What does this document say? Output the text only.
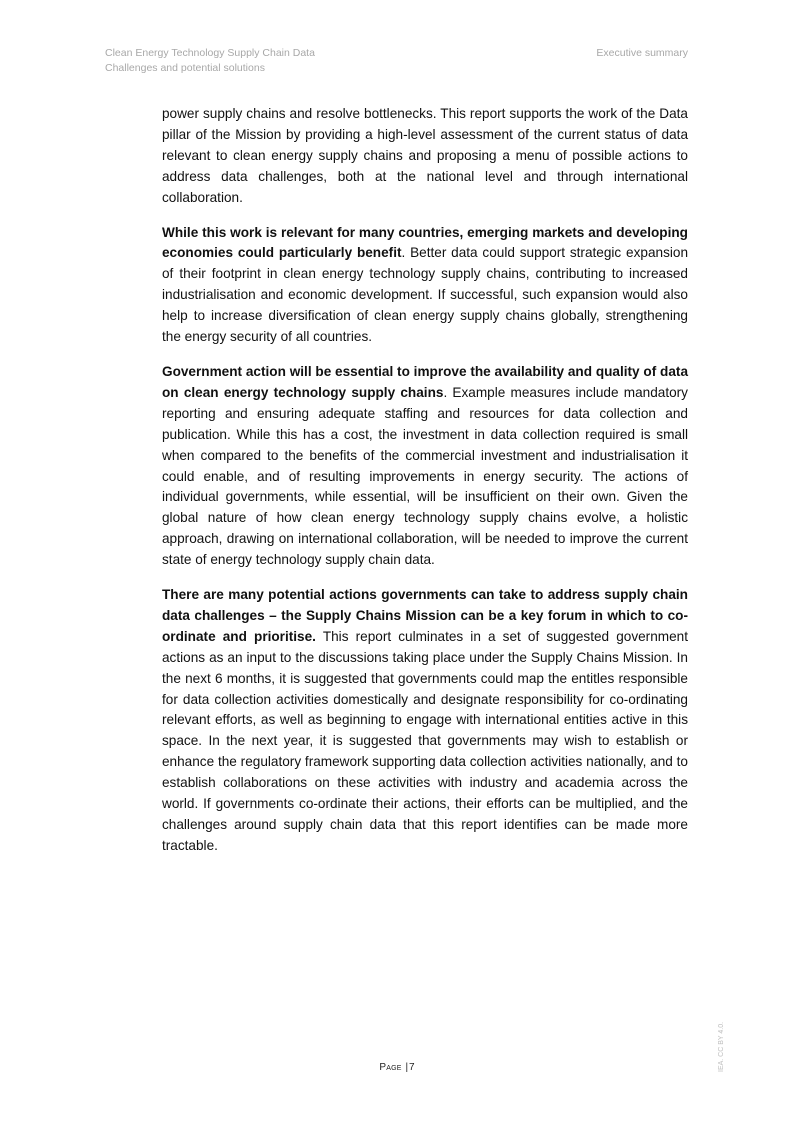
Clean Energy Technology Supply Chain Data
Challenges and potential solutions
Executive summary

power supply chains and resolve bottlenecks. This report supports the work of the Data pillar of the Mission by providing a high-level assessment of the current status of data relevant to clean energy supply chains and proposing a menu of possible actions to address data challenges, both at the national level and through international collaboration.

While this work is relevant for many countries, emerging markets and developing economies could particularly benefit. Better data could support strategic expansion of their footprint in clean energy technology supply chains, contributing to increased industrialisation and economic development. If successful, such expansion would also help to increase diversification of clean energy supply chains globally, strengthening the energy security of all countries.

Government action will be essential to improve the availability and quality of data on clean energy technology supply chains. Example measures include mandatory reporting and ensuring adequate staffing and resources for data collection and publication. While this has a cost, the investment in data collection required is small when compared to the benefits of the commercial investment and industrialisation it could enable, and of resulting improvements in energy security. The actions of individual governments, while essential, will be insufficient on their own. Given the global nature of how clean energy technology supply chains evolve, a holistic approach, drawing on international collaboration, will be needed to improve the current state of energy technology supply chain data.

There are many potential actions governments can take to address supply chain data challenges – the Supply Chains Mission can be a key forum in which to co-ordinate and prioritise. This report culminates in a set of suggested government actions as an input to the discussions taking place under the Supply Chains Mission. In the next 6 months, it is suggested that governments could map the entitles responsible for data collection activities domestically and designate responsibility for co-ordinating relevant efforts, as well as beginning to engage with international entities active in this space. In the next year, it is suggested that governments may wish to establish or enhance the regulatory framework supporting data collection activities nationally, and to establish collaborations on these activities with industry and academia across the world. If governments co-ordinate their actions, their efforts can be multiplied, and the challenges around supply chain data that this report identifies can be made more tractable.

Page |7	IEA. CC BY 4.0.
